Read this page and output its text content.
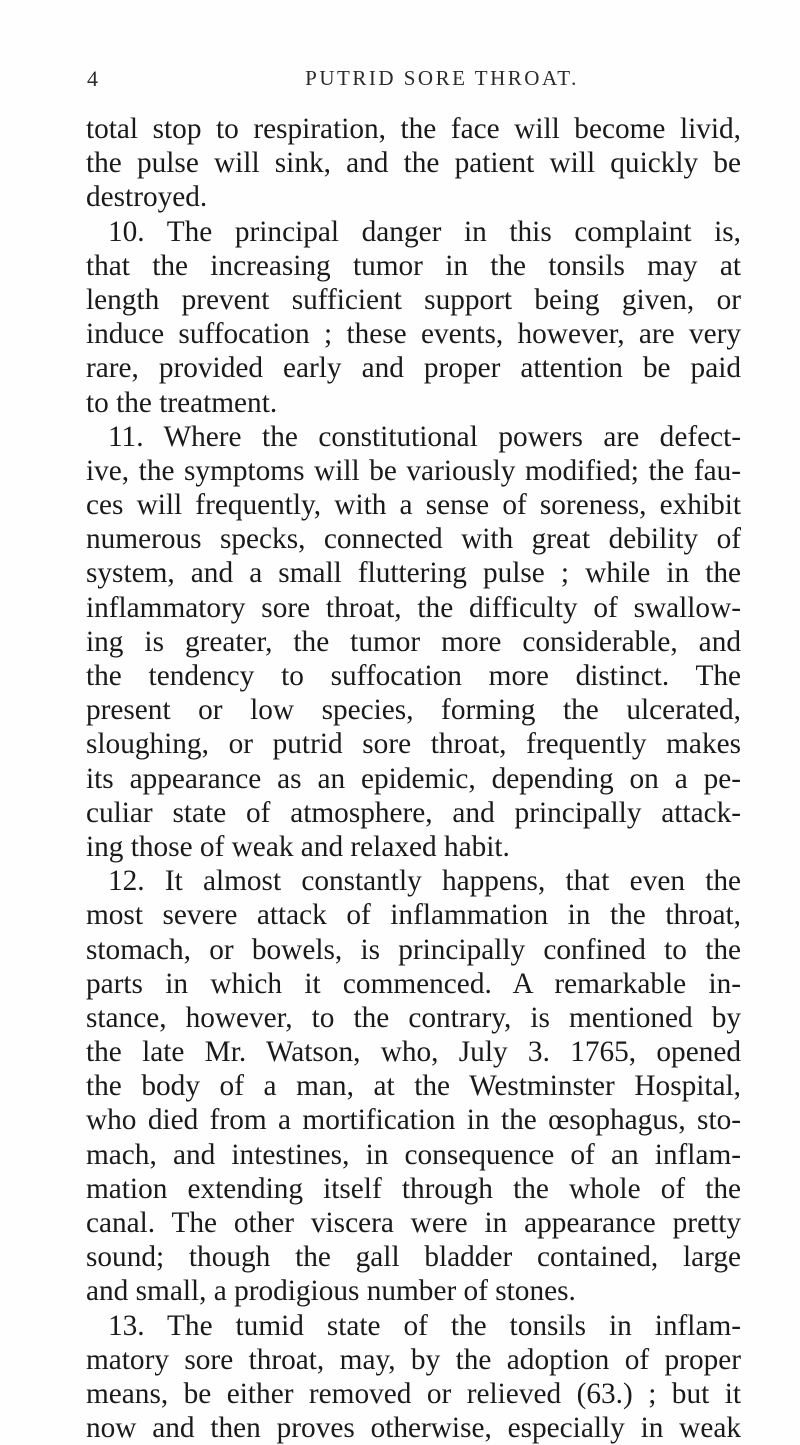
4	PUTRID SORE THROAT.
total stop to respiration, the face will become livid,
the pulse will sink, and the patient will quickly be
destroyed.
10. The principal danger in this complaint is,
that the increasing tumor in the tonsils may at
length prevent sufficient support being given, or
induce suffocation ; these events, however, are very
rare, provided early and proper attention be paid
to the treatment.
11. Where the constitutional powers are defect-
ive, the symptoms will be variously modified; the fau-
ces will frequently, with a sense of soreness, exhibit
numerous specks, connected with great debility of
system, and a small fluttering pulse ; while in the
inflammatory sore throat, the difficulty of swallow-
ing is greater, the tumor more considerable, and
the tendency to suffocation more distinct. The
present or low species, forming the ulcerated,
sloughing, or putrid sore throat, frequently makes
its appearance as an epidemic, depending on a pe-
culiar state of atmosphere, and principally attack-
ing those of weak and relaxed habit.
12. It almost constantly happens, that even the
most severe attack of inflammation in the throat,
stomach, or bowels, is principally confined to the
parts in which it commenced. A remarkable in-
stance, however, to the contrary, is mentioned by
the late Mr. Watson, who, July 3. 1765, opened
the body of a man, at the Westminster Hospital,
who died from a mortification in the œsophagus, sto-
mach, and intestines, in consequence of an inflam-
mation extending itself through the whole of the
canal. The other viscera were in appearance pretty
sound; though the gall bladder contained, large
and small, a prodigious number of stones.
13. The tumid state of the tonsils in inflam-
matory sore throat, may, by the adoption of proper
means, be either removed or relieved (63.) ; but it
now and then proves otherwise, especially in weak
